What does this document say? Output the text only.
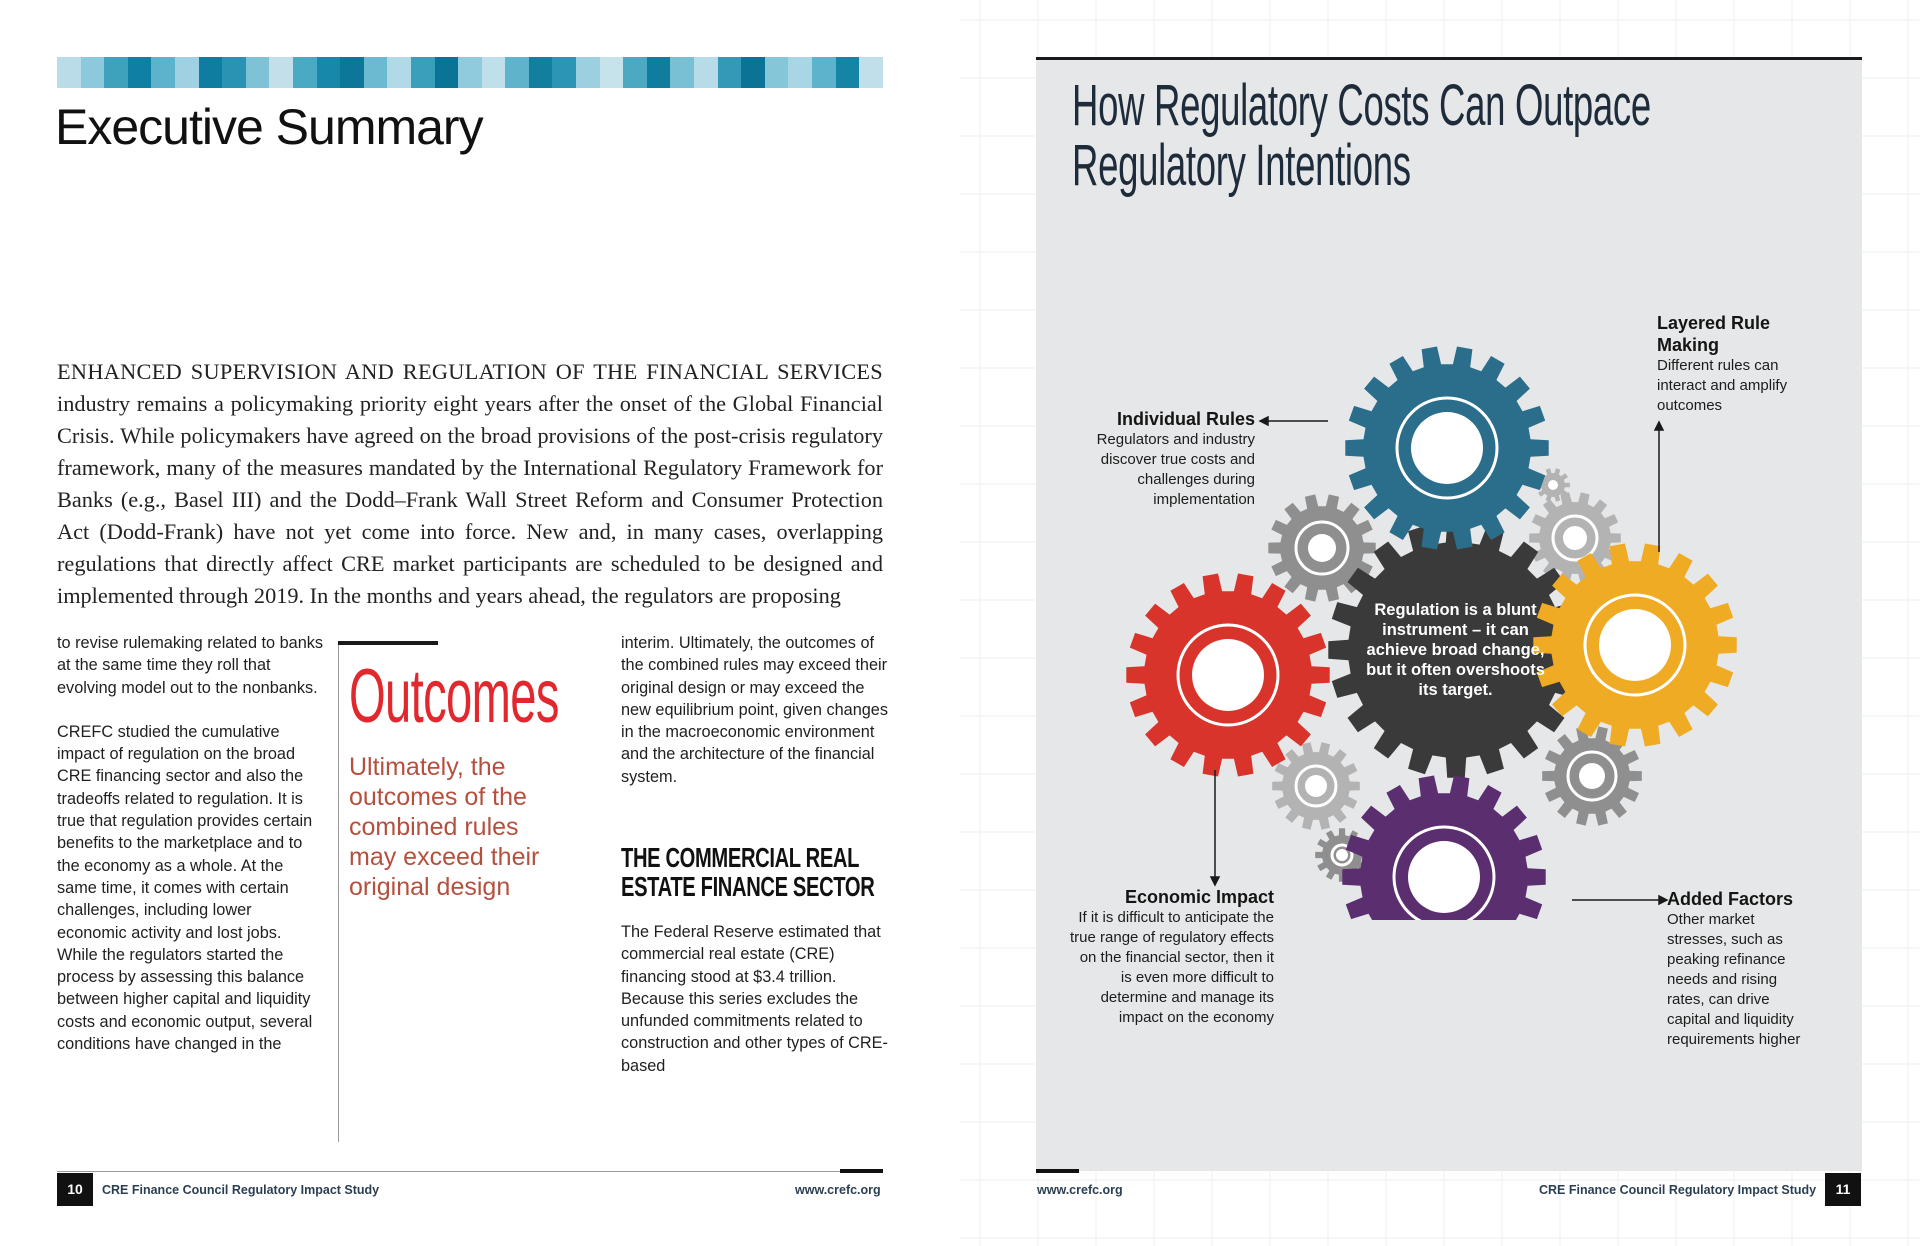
Executive Summary

ENHANCED SUPERVISION AND REGULATION OF THE FINANCIAL SERVICES industry remains a policymaking priority eight years after the onset of the Global Financial Crisis. While policymakers have agreed on the broad provisions of the post-crisis regulatory framework, many of the measures mandated by the International Regulatory Framework for Banks (e.g., Basel III) and the Dodd–Frank Wall Street Reform and Consumer Protection Act (Dodd-Frank) have not yet come into force. New and, in many cases, overlapping regulations that directly affect CRE market participants are scheduled to be designed and implemented through 2019. In the months and years ahead, the regulators are proposing

to revise rulemaking related to banks at the same time they roll that evolving model out to the nonbanks.

CREFC studied the cumulative impact of regulation on the broad CRE financing sector and also the tradeoffs related to regulation. It is true that regulation provides certain benefits to the marketplace and to the economy as a whole. At the same time, it comes with certain challenges, including lower economic activity and lost jobs. While the regulators started the process by assessing this balance between higher capital and liquidity costs and economic output, several conditions have changed in the

Outcomes

Ultimately, the outcomes of the combined rules may exceed their original design

interim. Ultimately, the outcomes of the combined rules may exceed their original design or may exceed the new equilibrium point, given changes in the macroeconomic environment and the architecture of the financial system.

THE COMMERCIAL REAL ESTATE FINANCE SECTOR

The Federal Reserve estimated that commercial real estate (CRE) financing stood at $3.4 trillion. Because this series excludes the unfunded commitments related to construction and other types of CRE-based

10	CRE Finance Council Regulatory Impact Study	www.crefc.org

How Regulatory Costs Can Outpace
Regulatory Intentions

Regulation is a blunt instrument – it can achieve broad change, but it often overshoots its target.

Individual Rules
Regulators and industry discover true costs and challenges during implementation
Layered Rule Making
Different rules can interact and amplify outcomes
Economic Impact
If it is difficult to anticipate the true range of regulatory effects on the financial sector, then it is even more difficult to determine and manage its impact on the economy
Added Factors
Other market stresses, such as peaking refinance needs and rising rates, can drive capital and liquidity requirements higher
11

www.crefc.org	CRE Finance Council Regulatory Impact Study
